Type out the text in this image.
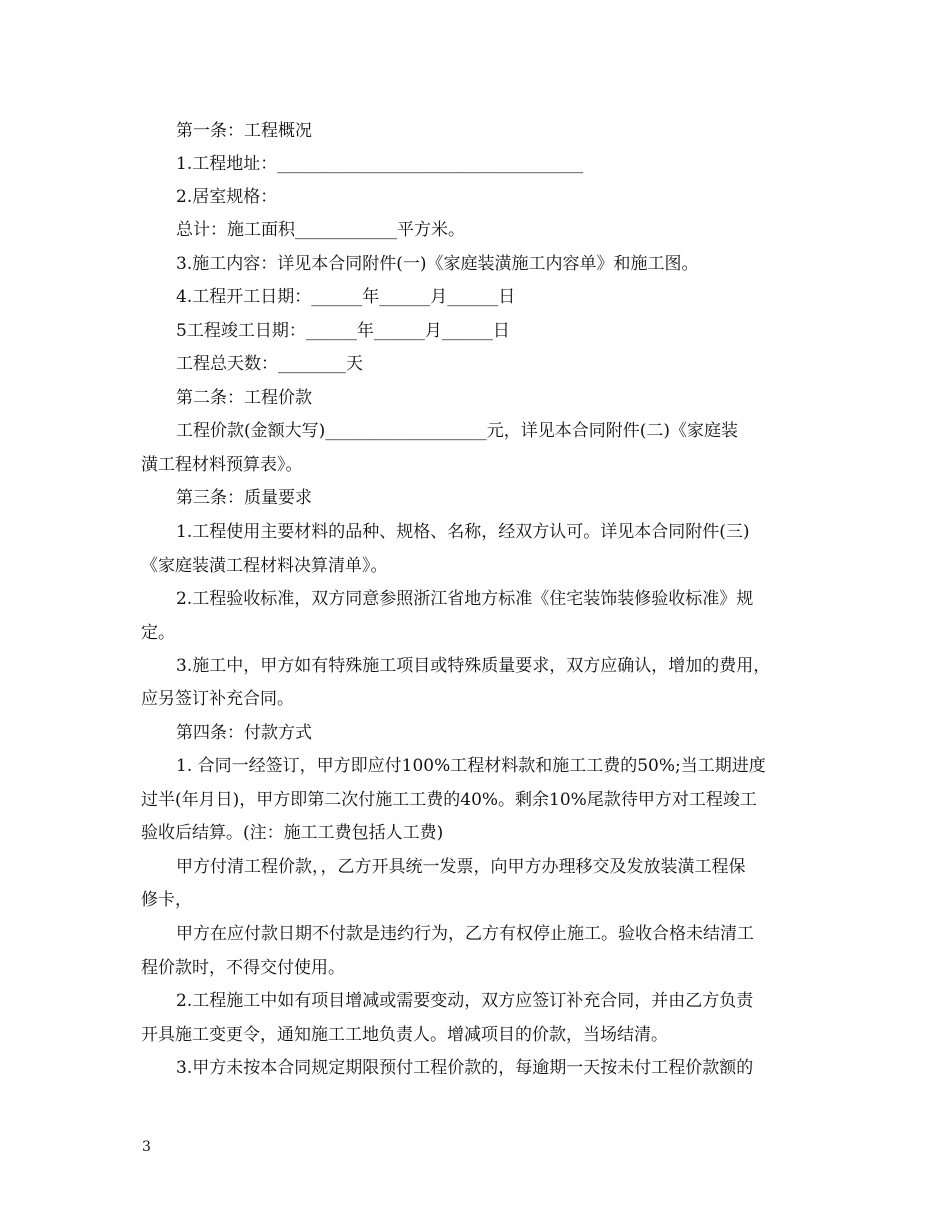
第一条：工程概况
1.工程地址：____________________________________
2.居室规格：
总计：施工面积____________平方米。
3.施工内容：详见本合同附件(一)《家庭装潢施工内容单》和施工图。
4.工程开工日期：______年______月______日
5工程竣工日期：______年______月______日
工程总天数：________天
第二条：工程价款
工程价款(金额大写)___________________元，详见本合同附件(二)《家庭装
潢工程材料预算表》。
第三条：质量要求
1.工程使用主要材料的品种、规格、名称，经双方认可。详见本合同附件(三)
《家庭装潢工程材料决算清单》。
2.工程验收标准，双方同意参照浙江省地方标准《住宅装饰装修验收标准》规
定。
3.施工中，甲方如有特殊施工项目或特殊质量要求，双方应确认，增加的费用，
应另签订补充合同。
第四条：付款方式
1. 合同一经签订，甲方即应付100%工程材料款和施工工费的50%;当工期进度
过半(年月日)，甲方即第二次付施工工费的40%。剩余10%尾款待甲方对工程竣工
验收后结算。(注：施工工费包括人工费)
甲方付清工程价款，，乙方开具统一发票，向甲方办理移交及发放装潢工程保
修卡，
甲方在应付款日期不付款是违约行为，乙方有权停止施工。验收合格未结清工
程价款时，不得交付使用。
2.工程施工中如有项目增减或需要变动，双方应签订补充合同，并由乙方负责
开具施工变更令，通知施工工地负责人。增减项目的价款，当场结清。
3.甲方未按本合同规定期限预付工程价款的，每逾期一天按未付工程价款额的
3
